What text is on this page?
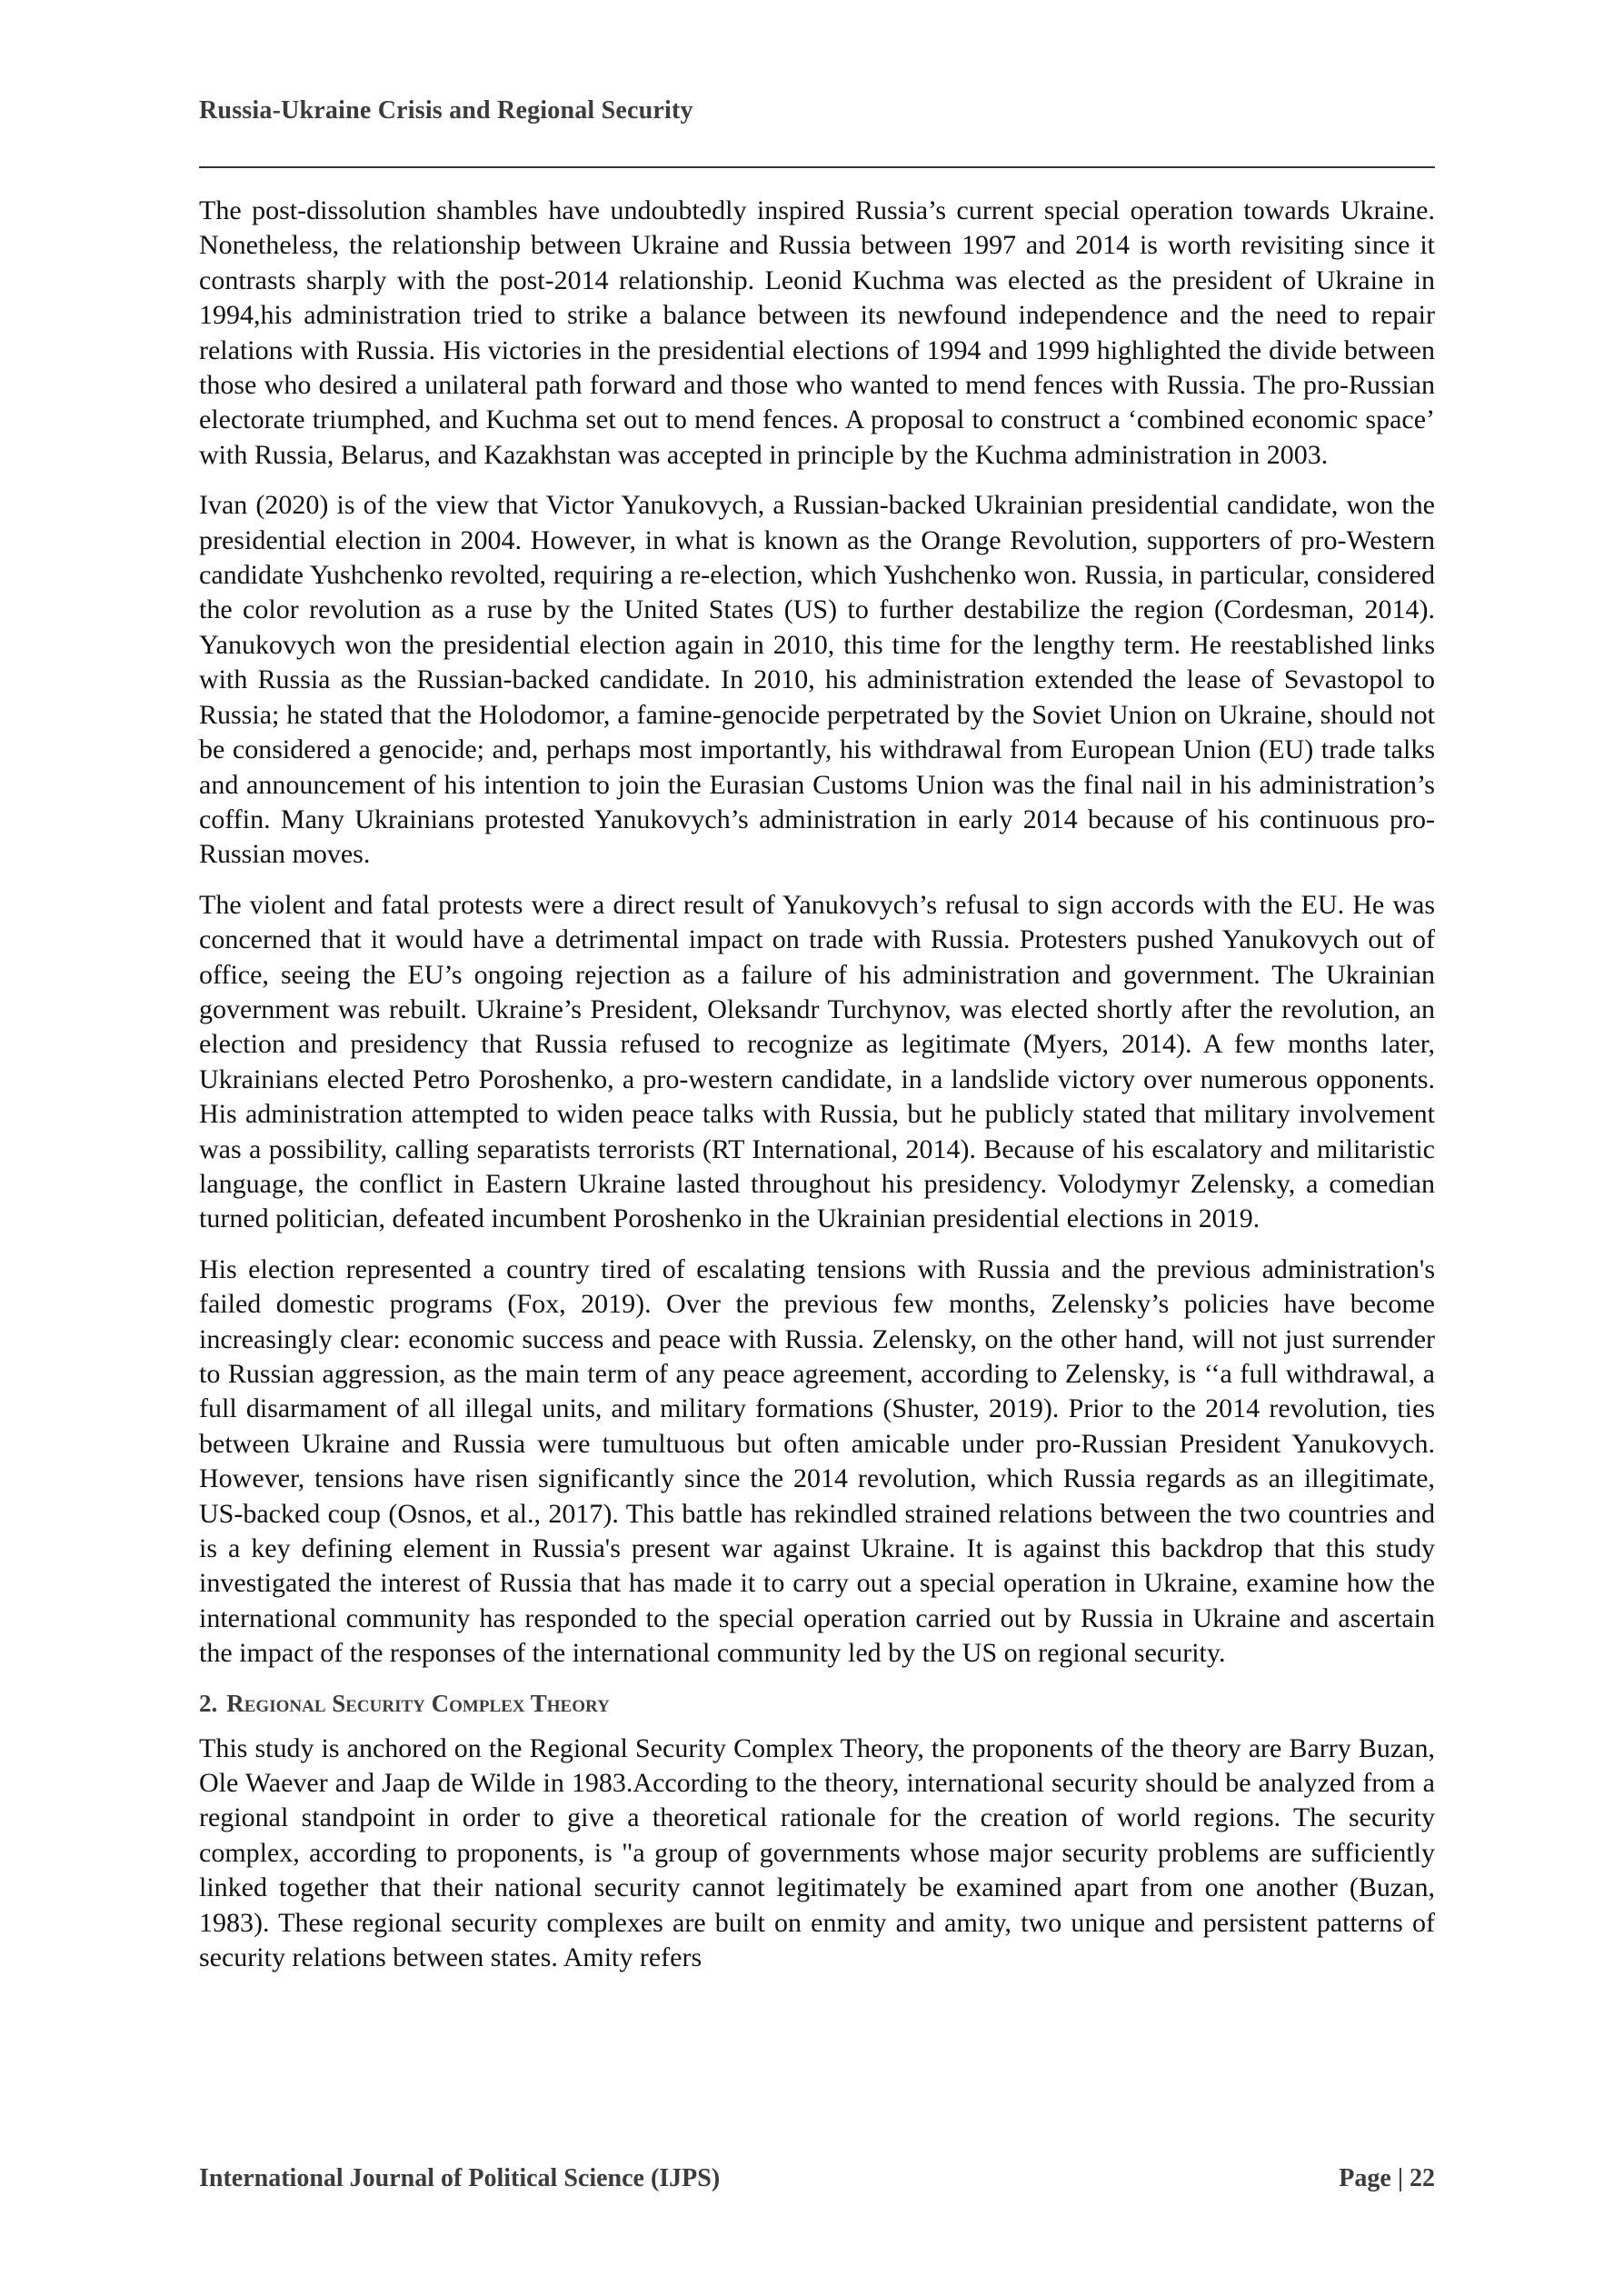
Russia-Ukraine Crisis and Regional Security

The post-dissolution shambles have undoubtedly inspired Russia’s current special operation towards Ukraine. Nonetheless, the relationship between Ukraine and Russia between 1997 and 2014 is worth revisiting since it contrasts sharply with the post-2014 relationship. Leonid Kuchma was elected as the president of Ukraine in 1994,his administration tried to strike a balance between its newfound independence and the need to repair relations with Russia. His victories in the presidential elections of 1994 and 1999 highlighted the divide between those who desired a unilateral path forward and those who wanted to mend fences with Russia. The pro-Russian electorate triumphed, and Kuchma set out to mend fences. A proposal to construct a ‘combined economic space’ with Russia, Belarus, and Kazakhstan was accepted in principle by the Kuchma administration in 2003.

Ivan (2020) is of the view that Victor Yanukovych, a Russian-backed Ukrainian presidential candidate, won the presidential election in 2004. However, in what is known as the Orange Revolution, supporters of pro-Western candidate Yushchenko revolted, requiring a re-election, which Yushchenko won. Russia, in particular, considered the color revolution as a ruse by the United States (US) to further destabilize the region (Cordesman, 2014). Yanukovych won the presidential election again in 2010, this time for the lengthy term. He reestablished links with Russia as the Russian-backed candidate. In 2010, his administration extended the lease of Sevastopol to Russia; he stated that the Holodomor, a famine-genocide perpetrated by the Soviet Union on Ukraine, should not be considered a genocide; and, perhaps most importantly, his withdrawal from European Union (EU) trade talks and announcement of his intention to join the Eurasian Customs Union was the final nail in his administration’s coffin. Many Ukrainians protested Yanukovych’s administration in early 2014 because of his continuous pro-Russian moves.

The violent and fatal protests were a direct result of Yanukovych’s refusal to sign accords with the EU. He was concerned that it would have a detrimental impact on trade with Russia. Protesters pushed Yanukovych out of office, seeing the EU’s ongoing rejection as a failure of his administration and government. The Ukrainian government was rebuilt. Ukraine’s President, Oleksandr Turchynov, was elected shortly after the revolution, an election and presidency that Russia refused to recognize as legitimate (Myers, 2014). A few months later, Ukrainians elected Petro Poroshenko, a pro-western candidate, in a landslide victory over numerous opponents. His administration attempted to widen peace talks with Russia, but he publicly stated that military involvement was a possibility, calling separatists terrorists (RT International, 2014). Because of his escalatory and militaristic language, the conflict in Eastern Ukraine lasted throughout his presidency. Volodymyr Zelensky, a comedian turned politician, defeated incumbent Poroshenko in the Ukrainian presidential elections in 2019.

His election represented a country tired of escalating tensions with Russia and the previous administration's failed domestic programs (Fox, 2019). Over the previous few months, Zelensky’s policies have become increasingly clear: economic success and peace with Russia. Zelensky, on the other hand, will not just surrender to Russian aggression, as the main term of any peace agreement, according to Zelensky, is ‘‘a full withdrawal, a full disarmament of all illegal units, and military formations (Shuster, 2019). Prior to the 2014 revolution, ties between Ukraine and Russia were tumultuous but often amicable under pro-Russian President Yanukovych. However, tensions have risen significantly since the 2014 revolution, which Russia regards as an illegitimate, US-backed coup (Osnos, et al., 2017). This battle has rekindled strained relations between the two countries and is a key defining element in Russia's present war against Ukraine. It is against this backdrop that this study investigated the interest of Russia that has made it to carry out a special operation in Ukraine, examine how the international community has responded to the special operation carried out by Russia in Ukraine and ascertain the impact of the responses of the international community led by the US on regional security.

2. Regional Security Complex Theory

This study is anchored on the Regional Security Complex Theory, the proponents of the theory are Barry Buzan, Ole Waever and Jaap de Wilde in 1983.According to the theory, international security should be analyzed from a regional standpoint in order to give a theoretical rationale for the creation of world regions. The security complex, according to proponents, is "a group of governments whose major security problems are sufficiently linked together that their national security cannot legitimately be examined apart from one another (Buzan, 1983). These regional security complexes are built on enmity and amity, two unique and persistent patterns of security relations between states. Amity refers

International Journal of Political Science (IJPS)	Page | 22
